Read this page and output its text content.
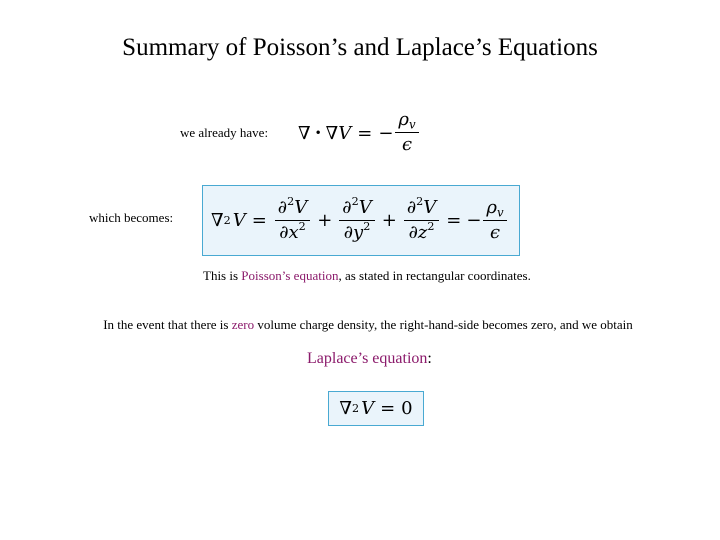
Summary of Poisson’s and Laplace’s Equations
we already have: ∇ • ∇ V = − $\frac{\rho_v}{\epsilon}$
which becomes: ∇ 2 $V = \frac{\partial^2V}{\partial x^2} + \frac{\partial^2V}{\partial y^2} + \frac{\partial^2V}{\partial z^2}$ = − $\frac{\rho_v}{\epsilon}$
This is Poisson’s equation, as stated in rectangular coordinates.
In the event that there is zero volume charge density, the right-hand-side becomes zero, and we obtain
Laplace’s equation:
∇ 2 V = 0
